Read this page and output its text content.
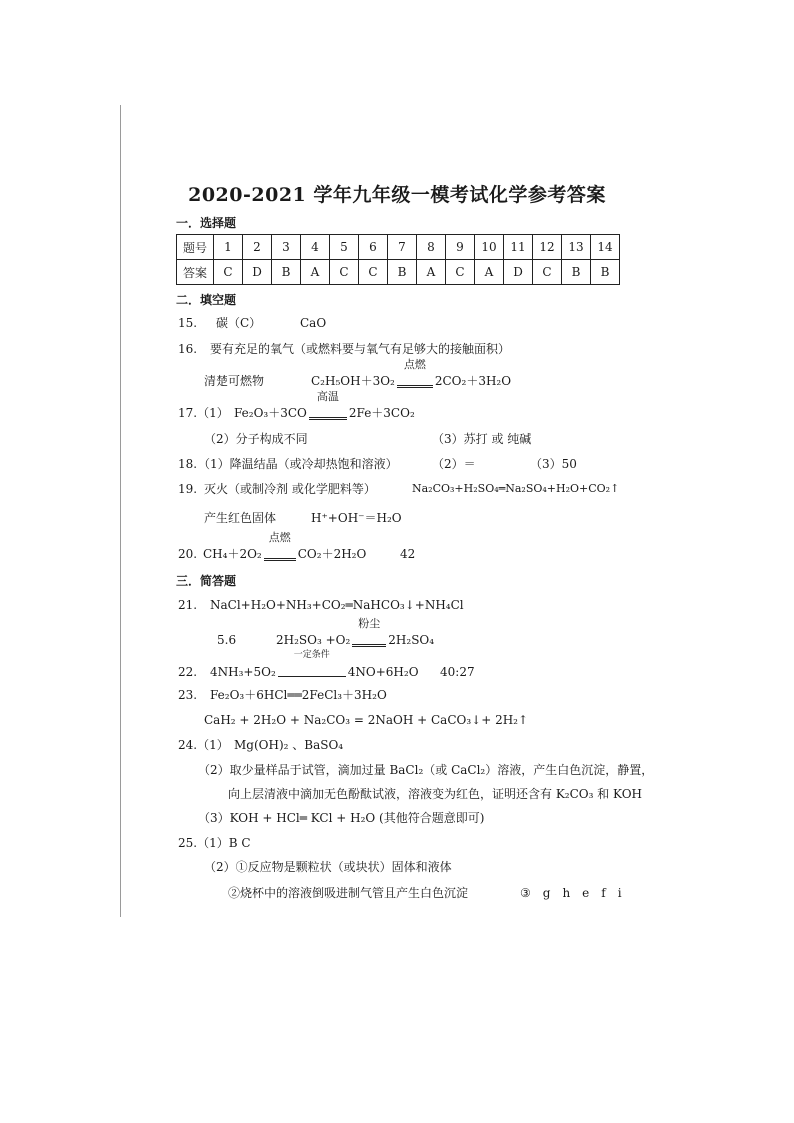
2020-2021 学年九年级一模考试化学参考答案
一．选择题
题号	1	2	3	4	5	6	7	8	9	10	11	12	13	14
答案	C	D	B	A	C	C	B	A	C	A	D	C	B	B
二．填空题
15. 碳（C）	CaO
16. 要有充足的氧气（或燃料要与氧气有足够大的接触面积）
清楚可燃物	C₂H₅OH＋3O₂
点燃
2CO₂＋3H₂O
17.（1） Fe₂O₃＋3CO
高温
2Fe＋3CO₂
（2）分子构成不同	（3）苏打 或 纯碱
18. （1）降温结晶（或冷却热饱和溶液）	（2）＝	（3）50
19. 灭火（或制冷剂 或化学肥料等）	Na₂CO₃+H₂SO₄═Na₂SO₄+H₂O+CO₂↑
产生红色固体	H⁺+OH⁻＝H₂O
20. CH₄＋2O₂
点燃
CO₂＋2H₂O	42
三．简答题
21. NaCl+H₂O+NH₃+CO₂═NaHCO₃↓+NH₄Cl
5.6	2H₂SO₃ +O₂
粉尘
2H₂SO₄
22. 4NH₃+5O₂
一定条件
4NO+6H₂O 40:27
23. Fe₂O₃＋6HCl══2FeCl₃＋3H₂O
CaH₂ + 2H₂O + Na₂CO₃ = 2NaOH + CaCO₃↓+ 2H₂↑
24.（1） Mg(OH)₂ 、BaSO₄
（2）取少量样品于试管，滴加过量 BaCl₂（或 CaCl₂）溶液，产生白色沉淀，静置，
向上层清液中滴加无色酚酞试液，溶液变为红色，证明还含有 K₂CO₃ 和 KOH
（3）KOH + HCl═ KCl + H₂O (其他符合题意即可)
25.（1）B C
（2）①反应物是颗粒状（或块状）固体和液体
②烧杯中的溶液倒吸进制气管且产生白色沉淀	③　g　h　e　f　i
